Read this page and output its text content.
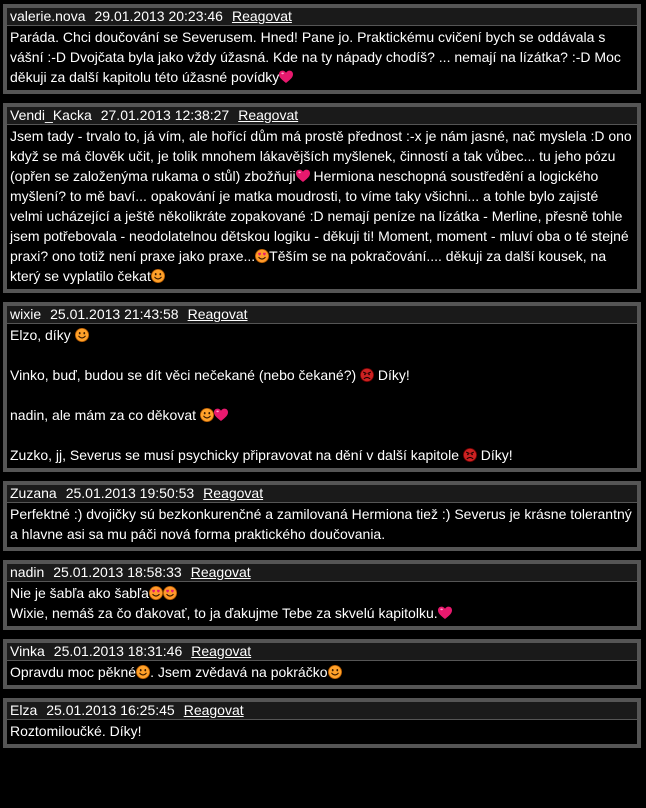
valerie.nova 29.01.2013 20:23:46 Reagovat

Paráda. Chci doučování se Severusem. Hned! Pane jo. Praktickému cvičení bych se oddávala s vášní :-D Dvojčata byla jako vždy úžasná. Kde na ty nápady chodíš? ... nemají na lízátka? :-D Moc děkuji za další kapitolu této úžasné povídky

Vendi_Kacka 27.01.2013 12:38:27 Reagovat

Jsem tady - trvalo to, já vím, ale hořící dům má prostě přednost :-x je nám jasné, nač myslela :D ono když se má člověk učit, je tolik mnohem lákavějších myšlenek, činností a tak vůbec... tu jeho pózu (opřen se založenýma rukama o stůl) zbožňuji Hermiona neschopná soustředění a logického myšlení? to mě baví... opakování je matka moudrosti, to víme taky všichni... a tohle bylo zajisté velmi ucházející a ještě několikráte zopakované :D nemají peníze na lízátka - Merline, přesně tohle jsem potřebovala - neodolatelnou dětskou logiku - děkuji ti! Moment, moment - mluví oba o té stejné praxi? ono totiž není praxe jako praxe... Těším se na pokračování.... děkuji za další kousek, na který se vyplatilo čekat

wixie 25.01.2013 21:43:58 Reagovat

Elzo, díky

Vinko, buď, budou se dít věci nečekané (nebo čekané?)  Díky!

nadin, ale mám za co děkovat

Zuzko, jj, Severus se musí psychicky připravovat na dění v další kapitole  Díky!

Zuzana 25.01.2013 19:50:53 Reagovat

Perfektné :) dvojičky sú bezkonkurenčné a zamilovaná Hermiona tiež :) Severus je krásne tolerantný a hlavne asi sa mu páči nová forma praktického doučovania.

nadin 25.01.2013 18:58:33 Reagovat

Nie je šabľa ako šabľa

Wixie, nemáš za čo ďakovať, to ja ďakujme Tebe za skvelú kapitolku.

Vinka 25.01.2013 18:31:46 Reagovat

Opravdu moc pěkné . Jsem zvědavá na pokráčko

Elza 25.01.2013 16:25:45 Reagovat

Roztomiloučké. Díky!
